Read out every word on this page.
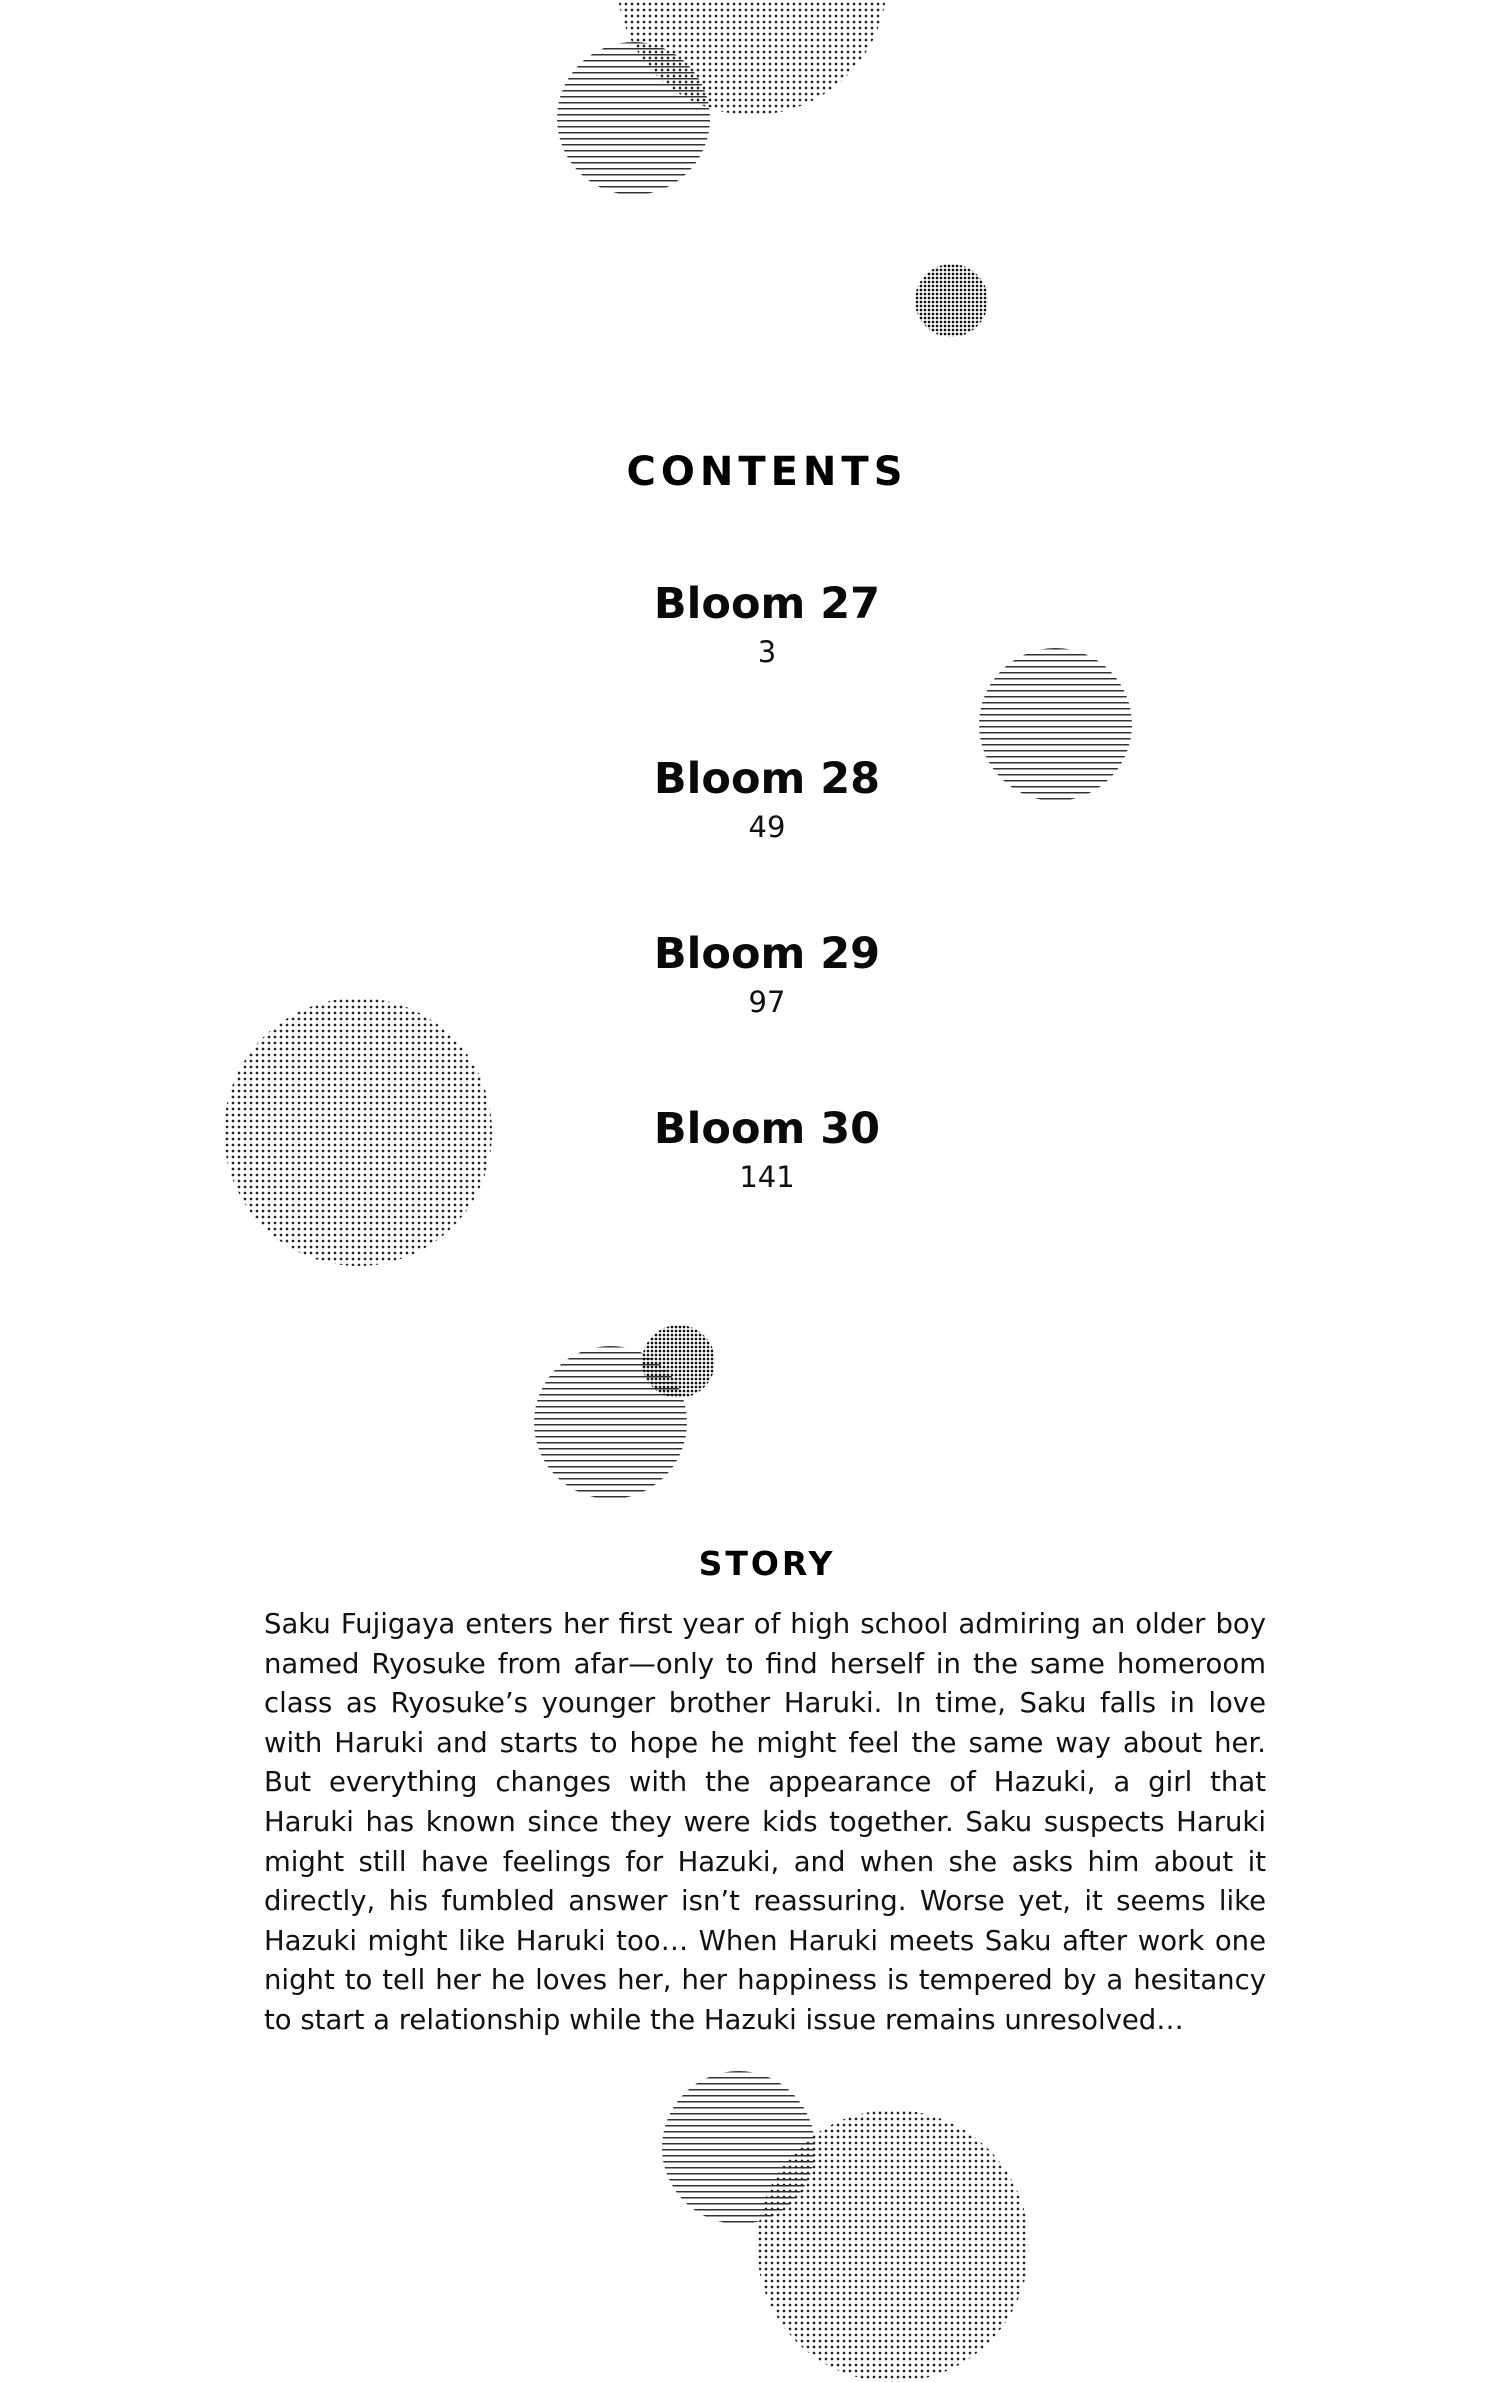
CONTENTS
Bloom 27
3
Bloom 28
49
Bloom 29
97
Bloom 30
141
STORY

Saku Fujigaya enters her first year of high school admiring an older boy named Ryosuke from afar—only to find herself in the same homeroom class as Ryosuke’s younger brother Haruki. In time, Saku falls in love with Haruki and starts to hope he might feel the same way about her. But everything changes with the appearance of Hazuki, a girl that Haruki has known since they were kids together. Saku suspects Haruki might still have feelings for Hazuki, and when she asks him about it directly, his fumbled answer isn’t reassuring. Worse yet, it seems like Hazuki might like Haruki too… When Haruki meets Saku after work one night to tell her he loves her, her happiness is tempered by a hesitancy to start a relationship while the Hazuki issue remains unresolved…
